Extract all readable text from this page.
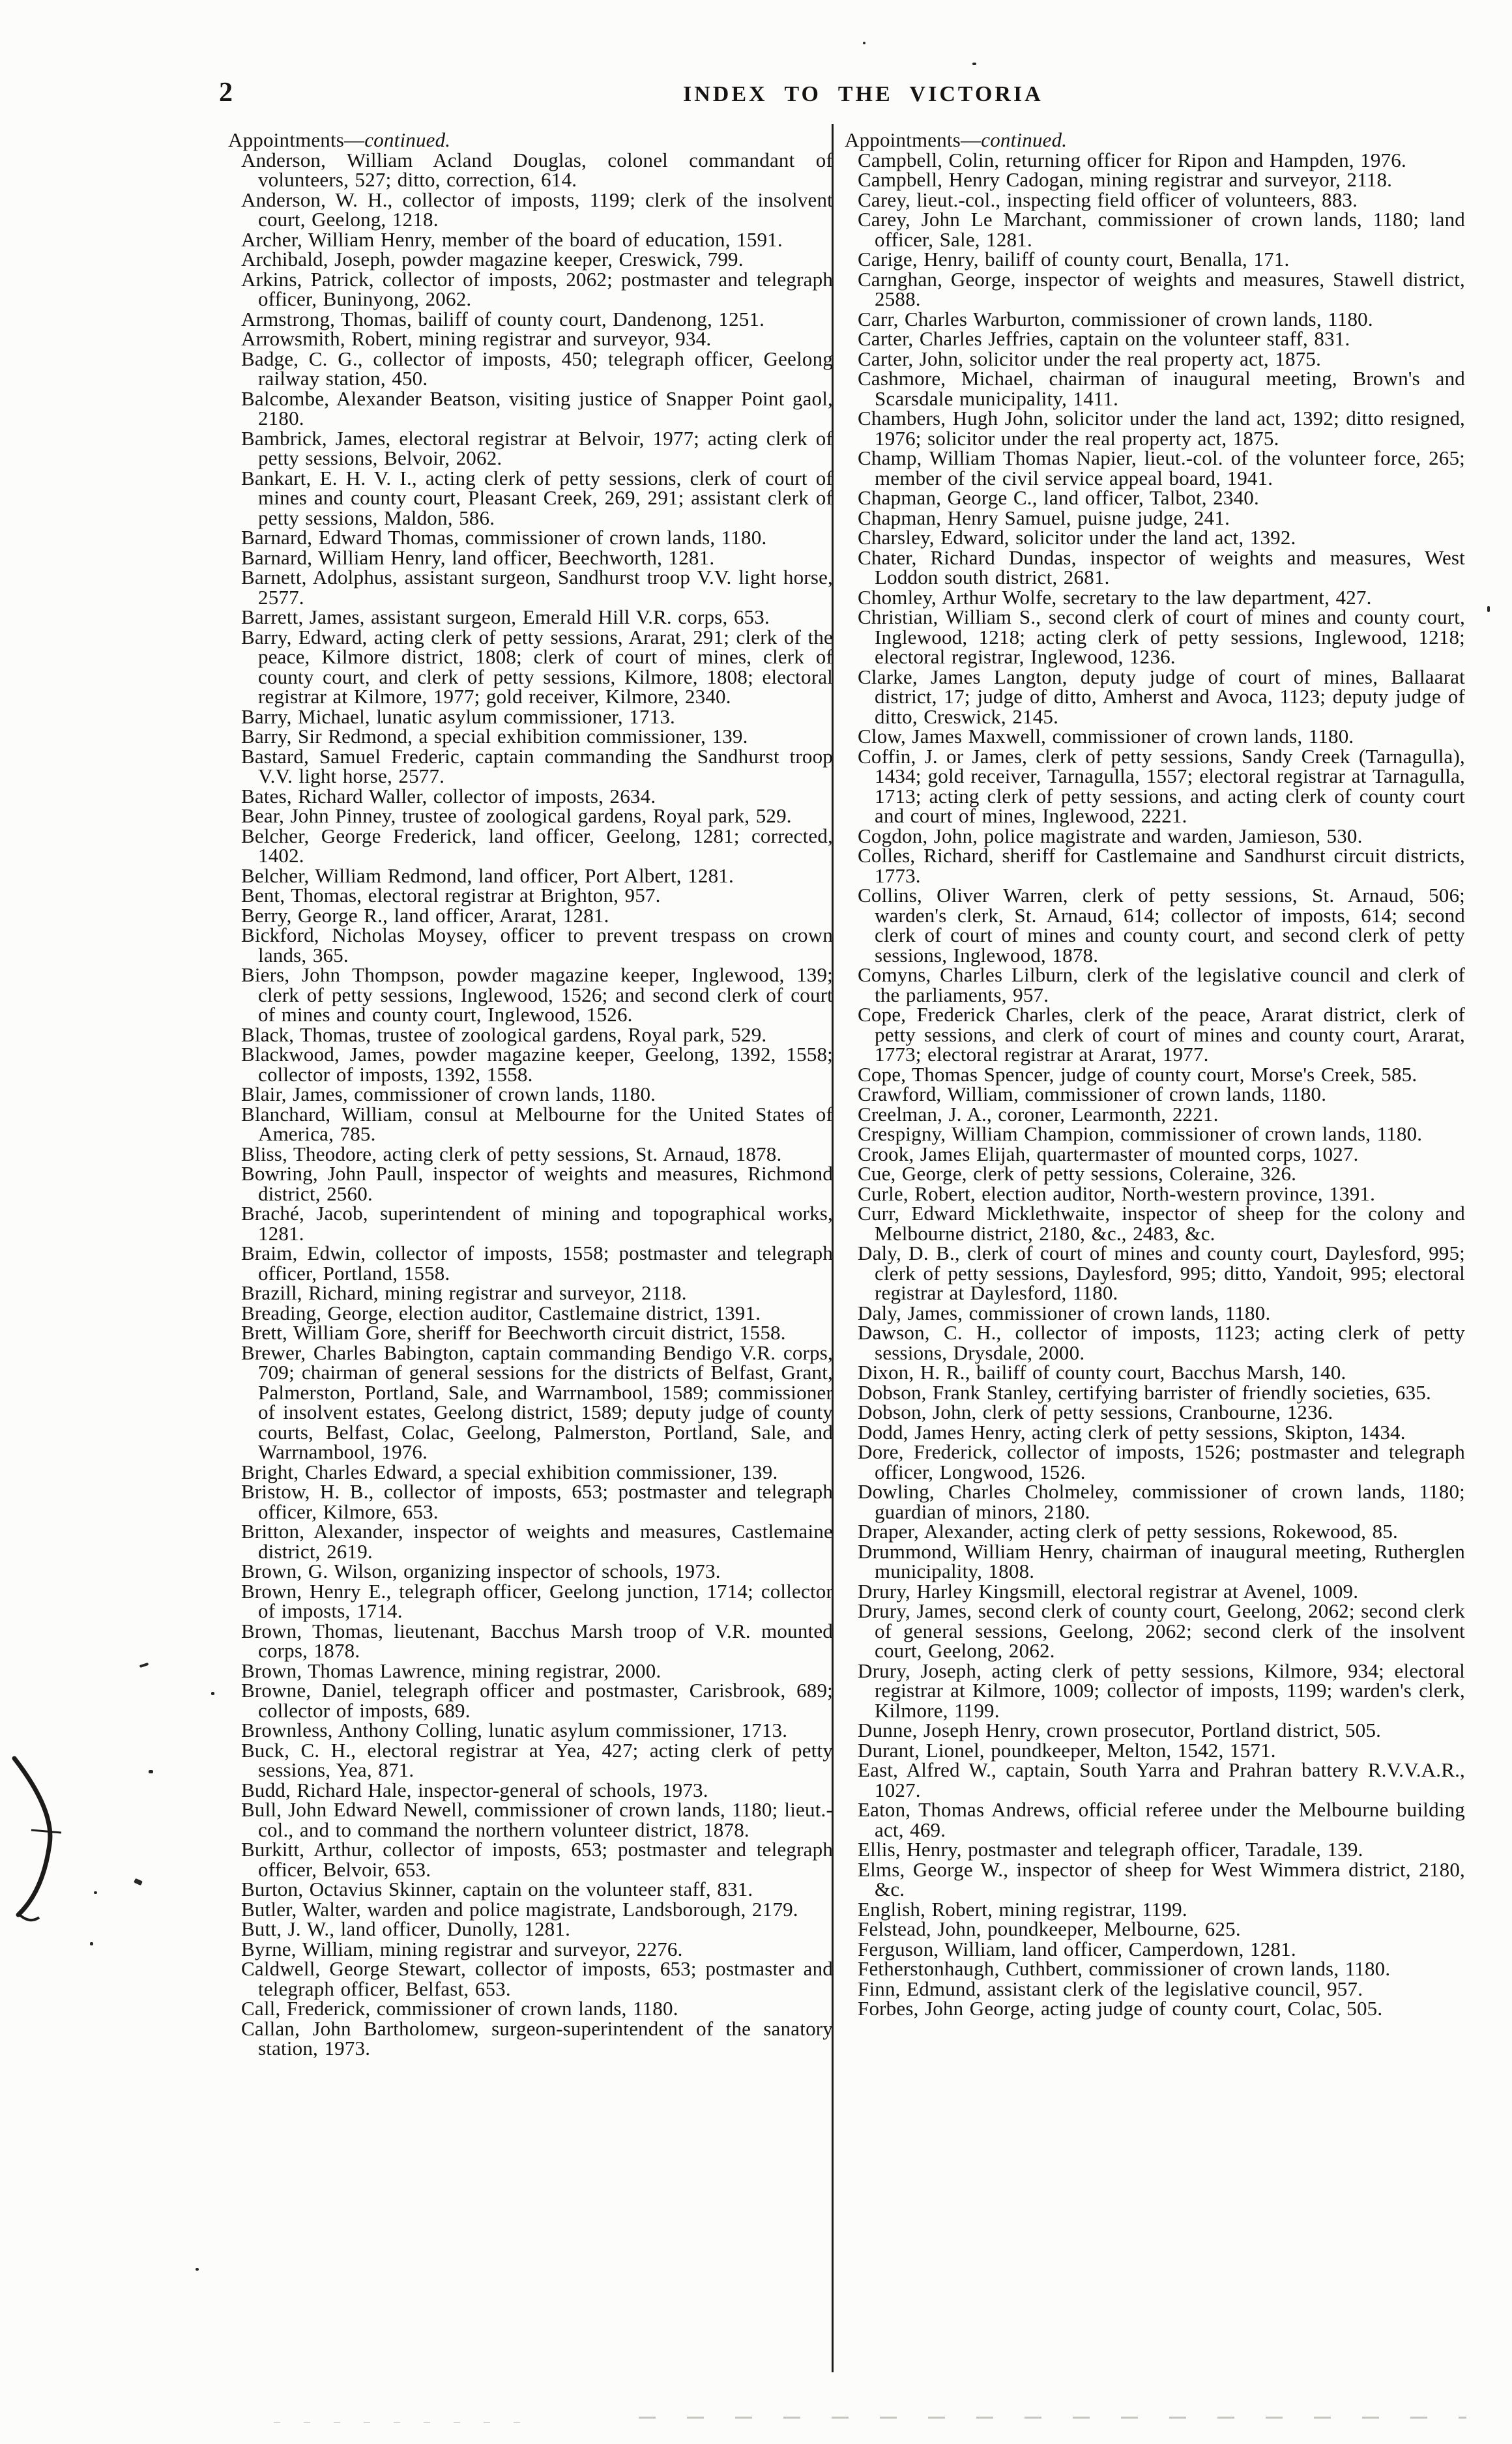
2	INDEX TO THE VICTORIA

Appointments—continued.

Anderson, William Acland Douglas, colonel commandant of volunteers, 527; ditto, correction, 614.

Anderson, W. H., collector of imposts, 1199; clerk of the insolvent court, Geelong, 1218.

Archer, William Henry, member of the board of education, 1591.

Archibald, Joseph, powder magazine keeper, Creswick, 799.

Arkins, Patrick, collector of imposts, 2062; postmaster and telegraph officer, Buninyong, 2062.

Armstrong, Thomas, bailiff of county court, Dandenong, 1251.

Arrowsmith, Robert, mining registrar and surveyor, 934.

Badge, C. G., collector of imposts, 450; telegraph officer, Geelong railway station, 450.

Balcombe, Alexander Beatson, visiting justice of Snapper Point gaol, 2180.

Bambrick, James, electoral registrar at Belvoir, 1977; acting clerk of petty sessions, Belvoir, 2062.

Bankart, E. H. V. I., acting clerk of petty sessions, clerk of court of mines and county court, Pleasant Creek, 269, 291; assistant clerk of petty sessions, Maldon, 586.

Barnard, Edward Thomas, commissioner of crown lands, 1180.

Barnard, William Henry, land officer, Beechworth, 1281.

Barnett, Adolphus, assistant surgeon, Sandhurst troop V.V. light horse, 2577.

Barrett, James, assistant surgeon, Emerald Hill V.R. corps, 653.

Barry, Edward, acting clerk of petty sessions, Ararat, 291; clerk of the peace, Kilmore district, 1808; clerk of court of mines, clerk of county court, and clerk of petty sessions, Kilmore, 1808; electoral registrar at Kilmore, 1977; gold receiver, Kilmore, 2340.

Barry, Michael, lunatic asylum commissioner, 1713.

Barry, Sir Redmond, a special exhibition commissioner, 139.

Bastard, Samuel Frederic, captain commanding the Sandhurst troop V.V. light horse, 2577.

Bates, Richard Waller, collector of imposts, 2634.

Bear, John Pinney, trustee of zoological gardens, Royal park, 529.

Belcher, George Frederick, land officer, Geelong, 1281; corrected, 1402.

Belcher, William Redmond, land officer, Port Albert, 1281.

Bent, Thomas, electoral registrar at Brighton, 957.

Berry, George R., land officer, Ararat, 1281.

Bickford, Nicholas Moysey, officer to prevent trespass on crown lands, 365.

Biers, John Thompson, powder magazine keeper, Inglewood, 139; clerk of petty sessions, Inglewood, 1526; and second clerk of court of mines and county court, Inglewood, 1526.

Black, Thomas, trustee of zoological gardens, Royal park, 529.

Blackwood, James, powder magazine keeper, Geelong, 1392, 1558; collector of imposts, 1392, 1558.

Blair, James, commissioner of crown lands, 1180.

Blanchard, William, consul at Melbourne for the United States of America, 785.

Bliss, Theodore, acting clerk of petty sessions, St. Arnaud, 1878.

Bowring, John Paull, inspector of weights and measures, Richmond district, 2560.

Braché, Jacob, superintendent of mining and topographical works, 1281.

Braim, Edwin, collector of imposts, 1558; postmaster and telegraph officer, Portland, 1558.

Brazill, Richard, mining registrar and surveyor, 2118.

Breading, George, election auditor, Castlemaine district, 1391.

Brett, William Gore, sheriff for Beechworth circuit district, 1558.

Brewer, Charles Babington, captain commanding Bendigo V.R. corps, 709; chairman of general sessions for the districts of Belfast, Grant, Palmerston, Portland, Sale, and Warrnambool, 1589; commissioner of insolvent estates, Geelong district, 1589; deputy judge of county courts, Belfast, Colac, Geelong, Palmerston, Portland, Sale, and Warrnambool, 1976.

Bright, Charles Edward, a special exhibition commissioner, 139.

Bristow, H. B., collector of imposts, 653; postmaster and telegraph officer, Kilmore, 653.

Britton, Alexander, inspector of weights and measures, Castlemaine district, 2619.

Brown, G. Wilson, organizing inspector of schools, 1973.

Brown, Henry E., telegraph officer, Geelong junction, 1714; collector of imposts, 1714.

Brown, Thomas, lieutenant, Bacchus Marsh troop of V.R. mounted corps, 1878.

Brown, Thomas Lawrence, mining registrar, 2000.

Browne, Daniel, telegraph officer and postmaster, Carisbrook, 689; collector of imposts, 689.

Brownless, Anthony Colling, lunatic asylum commissioner, 1713.

Buck, C. H., electoral registrar at Yea, 427; acting clerk of petty sessions, Yea, 871.

Budd, Richard Hale, inspector-general of schools, 1973.

Bull, John Edward Newell, commissioner of crown lands, 1180; lieut.-col., and to command the northern volunteer district, 1878.

Burkitt, Arthur, collector of imposts, 653; postmaster and telegraph officer, Belvoir, 653.

Burton, Octavius Skinner, captain on the volunteer staff, 831.

Butler, Walter, warden and police magistrate, Landsborough, 2179.

Butt, J. W., land officer, Dunolly, 1281.

Byrne, William, mining registrar and surveyor, 2276.

Caldwell, George Stewart, collector of imposts, 653; postmaster and telegraph officer, Belfast, 653.

Call, Frederick, commissioner of crown lands, 1180.

Callan, John Bartholomew, surgeon-superintendent of the sanatory station, 1973.

Appointments—continued.

Campbell, Colin, returning officer for Ripon and Hampden, 1976.

Campbell, Henry Cadogan, mining registrar and surveyor, 2118.

Carey, lieut.-col., inspecting field officer of volunteers, 883.

Carey, John Le Marchant, commissioner of crown lands, 1180; land officer, Sale, 1281.

Carige, Henry, bailiff of county court, Benalla, 171.

Carnghan, George, inspector of weights and measures, Stawell district, 2588.

Carr, Charles Warburton, commissioner of crown lands, 1180.

Carter, Charles Jeffries, captain on the volunteer staff, 831.

Carter, John, solicitor under the real property act, 1875.

Cashmore, Michael, chairman of inaugural meeting, Brown's and Scarsdale municipality, 1411.

Chambers, Hugh John, solicitor under the land act, 1392; ditto resigned, 1976; solicitor under the real property act, 1875.

Champ, William Thomas Napier, lieut.-col. of the volunteer force, 265; member of the civil service appeal board, 1941.

Chapman, George C., land officer, Talbot, 2340.

Chapman, Henry Samuel, puisne judge, 241.

Charsley, Edward, solicitor under the land act, 1392.

Chater, Richard Dundas, inspector of weights and measures, West Loddon south district, 2681.

Chomley, Arthur Wolfe, secretary to the law department, 427.

Christian, William S., second clerk of court of mines and county court, Inglewood, 1218; acting clerk of petty sessions, Inglewood, 1218; electoral registrar, Inglewood, 1236.

Clarke, James Langton, deputy judge of court of mines, Ballaarat district, 17; judge of ditto, Amherst and Avoca, 1123; deputy judge of ditto, Creswick, 2145.

Clow, James Maxwell, commissioner of crown lands, 1180.

Coffin, J. or James, clerk of petty sessions, Sandy Creek (Tarnagulla), 1434; gold receiver, Tarnagulla, 1557; electoral registrar at Tarnagulla, 1713; acting clerk of petty sessions, and acting clerk of county court and court of mines, Inglewood, 2221.

Cogdon, John, police magistrate and warden, Jamieson, 530.

Colles, Richard, sheriff for Castlemaine and Sandhurst circuit districts, 1773.

Collins, Oliver Warren, clerk of petty sessions, St. Arnaud, 506; warden's clerk, St. Arnaud, 614; collector of imposts, 614; second clerk of court of mines and county court, and second clerk of petty sessions, Inglewood, 1878.

Comyns, Charles Lilburn, clerk of the legislative council and clerk of the parliaments, 957.

Cope, Frederick Charles, clerk of the peace, Ararat district, clerk of petty sessions, and clerk of court of mines and county court, Ararat, 1773; electoral registrar at Ararat, 1977.

Cope, Thomas Spencer, judge of county court, Morse's Creek, 585.

Crawford, William, commissioner of crown lands, 1180.

Creelman, J. A., coroner, Learmonth, 2221.

Crespigny, William Champion, commissioner of crown lands, 1180.

Crook, James Elijah, quartermaster of mounted corps, 1027.

Cue, George, clerk of petty sessions, Coleraine, 326.

Curle, Robert, election auditor, North-western province, 1391.

Curr, Edward Micklethwaite, inspector of sheep for the colony and Melbourne district, 2180, &c., 2483, &c.

Daly, D. B., clerk of court of mines and county court, Daylesford, 995; clerk of petty sessions, Daylesford, 995; ditto, Yandoit, 995; electoral registrar at Daylesford, 1180.

Daly, James, commissioner of crown lands, 1180.

Dawson, C. H., collector of imposts, 1123; acting clerk of petty sessions, Drysdale, 2000.

Dixon, H. R., bailiff of county court, Bacchus Marsh, 140.

Dobson, Frank Stanley, certifying barrister of friendly societies, 635.

Dobson, John, clerk of petty sessions, Cranbourne, 1236.

Dodd, James Henry, acting clerk of petty sessions, Skipton, 1434.

Dore, Frederick, collector of imposts, 1526; postmaster and telegraph officer, Longwood, 1526.

Dowling, Charles Cholmeley, commissioner of crown lands, 1180; guardian of minors, 2180.

Draper, Alexander, acting clerk of petty sessions, Rokewood, 85.

Drummond, William Henry, chairman of inaugural meeting, Rutherglen municipality, 1808.

Drury, Harley Kingsmill, electoral registrar at Avenel, 1009.

Drury, James, second clerk of county court, Geelong, 2062; second clerk of general sessions, Geelong, 2062; second clerk of the insolvent court, Geelong, 2062.

Drury, Joseph, acting clerk of petty sessions, Kilmore, 934; electoral registrar at Kilmore, 1009; collector of imposts, 1199; warden's clerk, Kilmore, 1199.

Dunne, Joseph Henry, crown prosecutor, Portland district, 505.

Durant, Lionel, poundkeeper, Melton, 1542, 1571.

East, Alfred W., captain, South Yarra and Prahran battery R.V.V.A.R., 1027.

Eaton, Thomas Andrews, official referee under the Melbourne building act, 469.

Ellis, Henry, postmaster and telegraph officer, Taradale, 139.

Elms, George W., inspector of sheep for West Wimmera district, 2180, &c.

English, Robert, mining registrar, 1199.

Felstead, John, poundkeeper, Melbourne, 625.

Ferguson, William, land officer, Camperdown, 1281.

Fetherstonhaugh, Cuthbert, commissioner of crown lands, 1180.

Finn, Edmund, assistant clerk of the legislative council, 957.

Forbes, John George, acting judge of county court, Colac, 505.
